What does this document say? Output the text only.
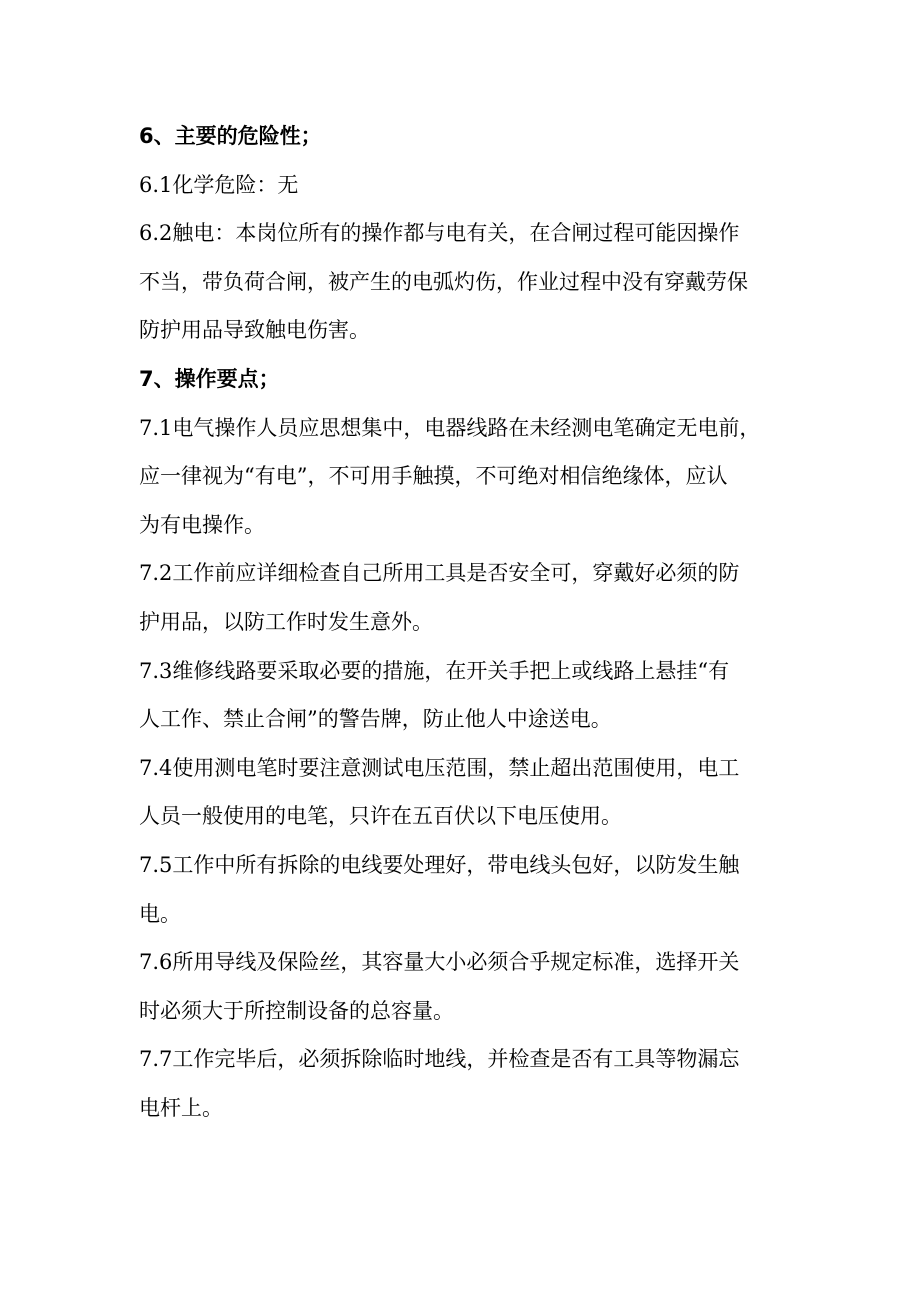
6、主要的危险性；

6.1化学危险：无

6.2触电：本岗位所有的操作都与电有关，在合闸过程可能因操作
不当，带负荷合闸，被产生的电弧灼伤，作业过程中没有穿戴劳保
防护用品导致触电伤害。

7、操作要点；

7.1电气操作人员应思想集中，电器线路在未经测电笔确定无电前，
应一律视为“有电”，不可用手触摸，不可绝对相信绝缘体，应认
为有电操作。

7.2工作前应详细检查自己所用工具是否安全可，穿戴好必须的防
护用品，以防工作时发生意外。

7.3维修线路要采取必要的措施，在开关手把上或线路上悬挂“有
人工作、禁止合闸”的警告牌，防止他人中途送电。

7.4使用测电笔时要注意测试电压范围，禁止超出范围使用，电工
人员一般使用的电笔，只许在五百伏以下电压使用。

7.5工作中所有拆除的电线要处理好，带电线头包好，以防发生触
电。

7.6所用导线及保险丝，其容量大小必须合乎规定标准，选择开关
时必须大于所控制设备的总容量。

7.7工作完毕后，必须拆除临时地线，并检查是否有工具等物漏忘
电杆上。
